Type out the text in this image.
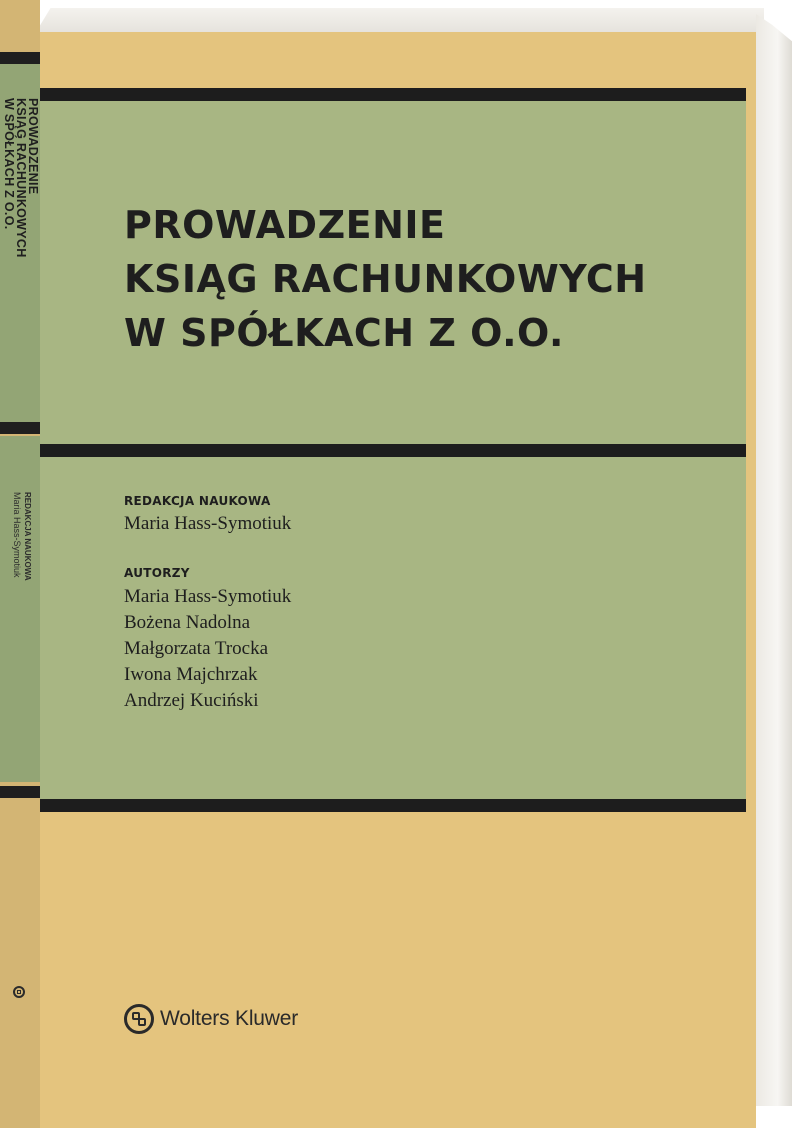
PROWADZENIE
KSIĄG RACHUNKOWYCH
W SPÓŁKACH Z O.O.
REDAKCJA NAUKOWA
Maria Hass-Symotiuk
PROWADZENIE
KSIĄG RACHUNKOWYCH
W SPÓŁKACH Z O.O.
REDAKCJA NAUKOWA
Maria Hass-Symotiuk
AUTORZY
Maria Hass-Symotiuk
Bożena Nadolna
Małgorzata Trocka
Iwona Majchrzak
Andrzej Kuciński
Wolters Kluwer
